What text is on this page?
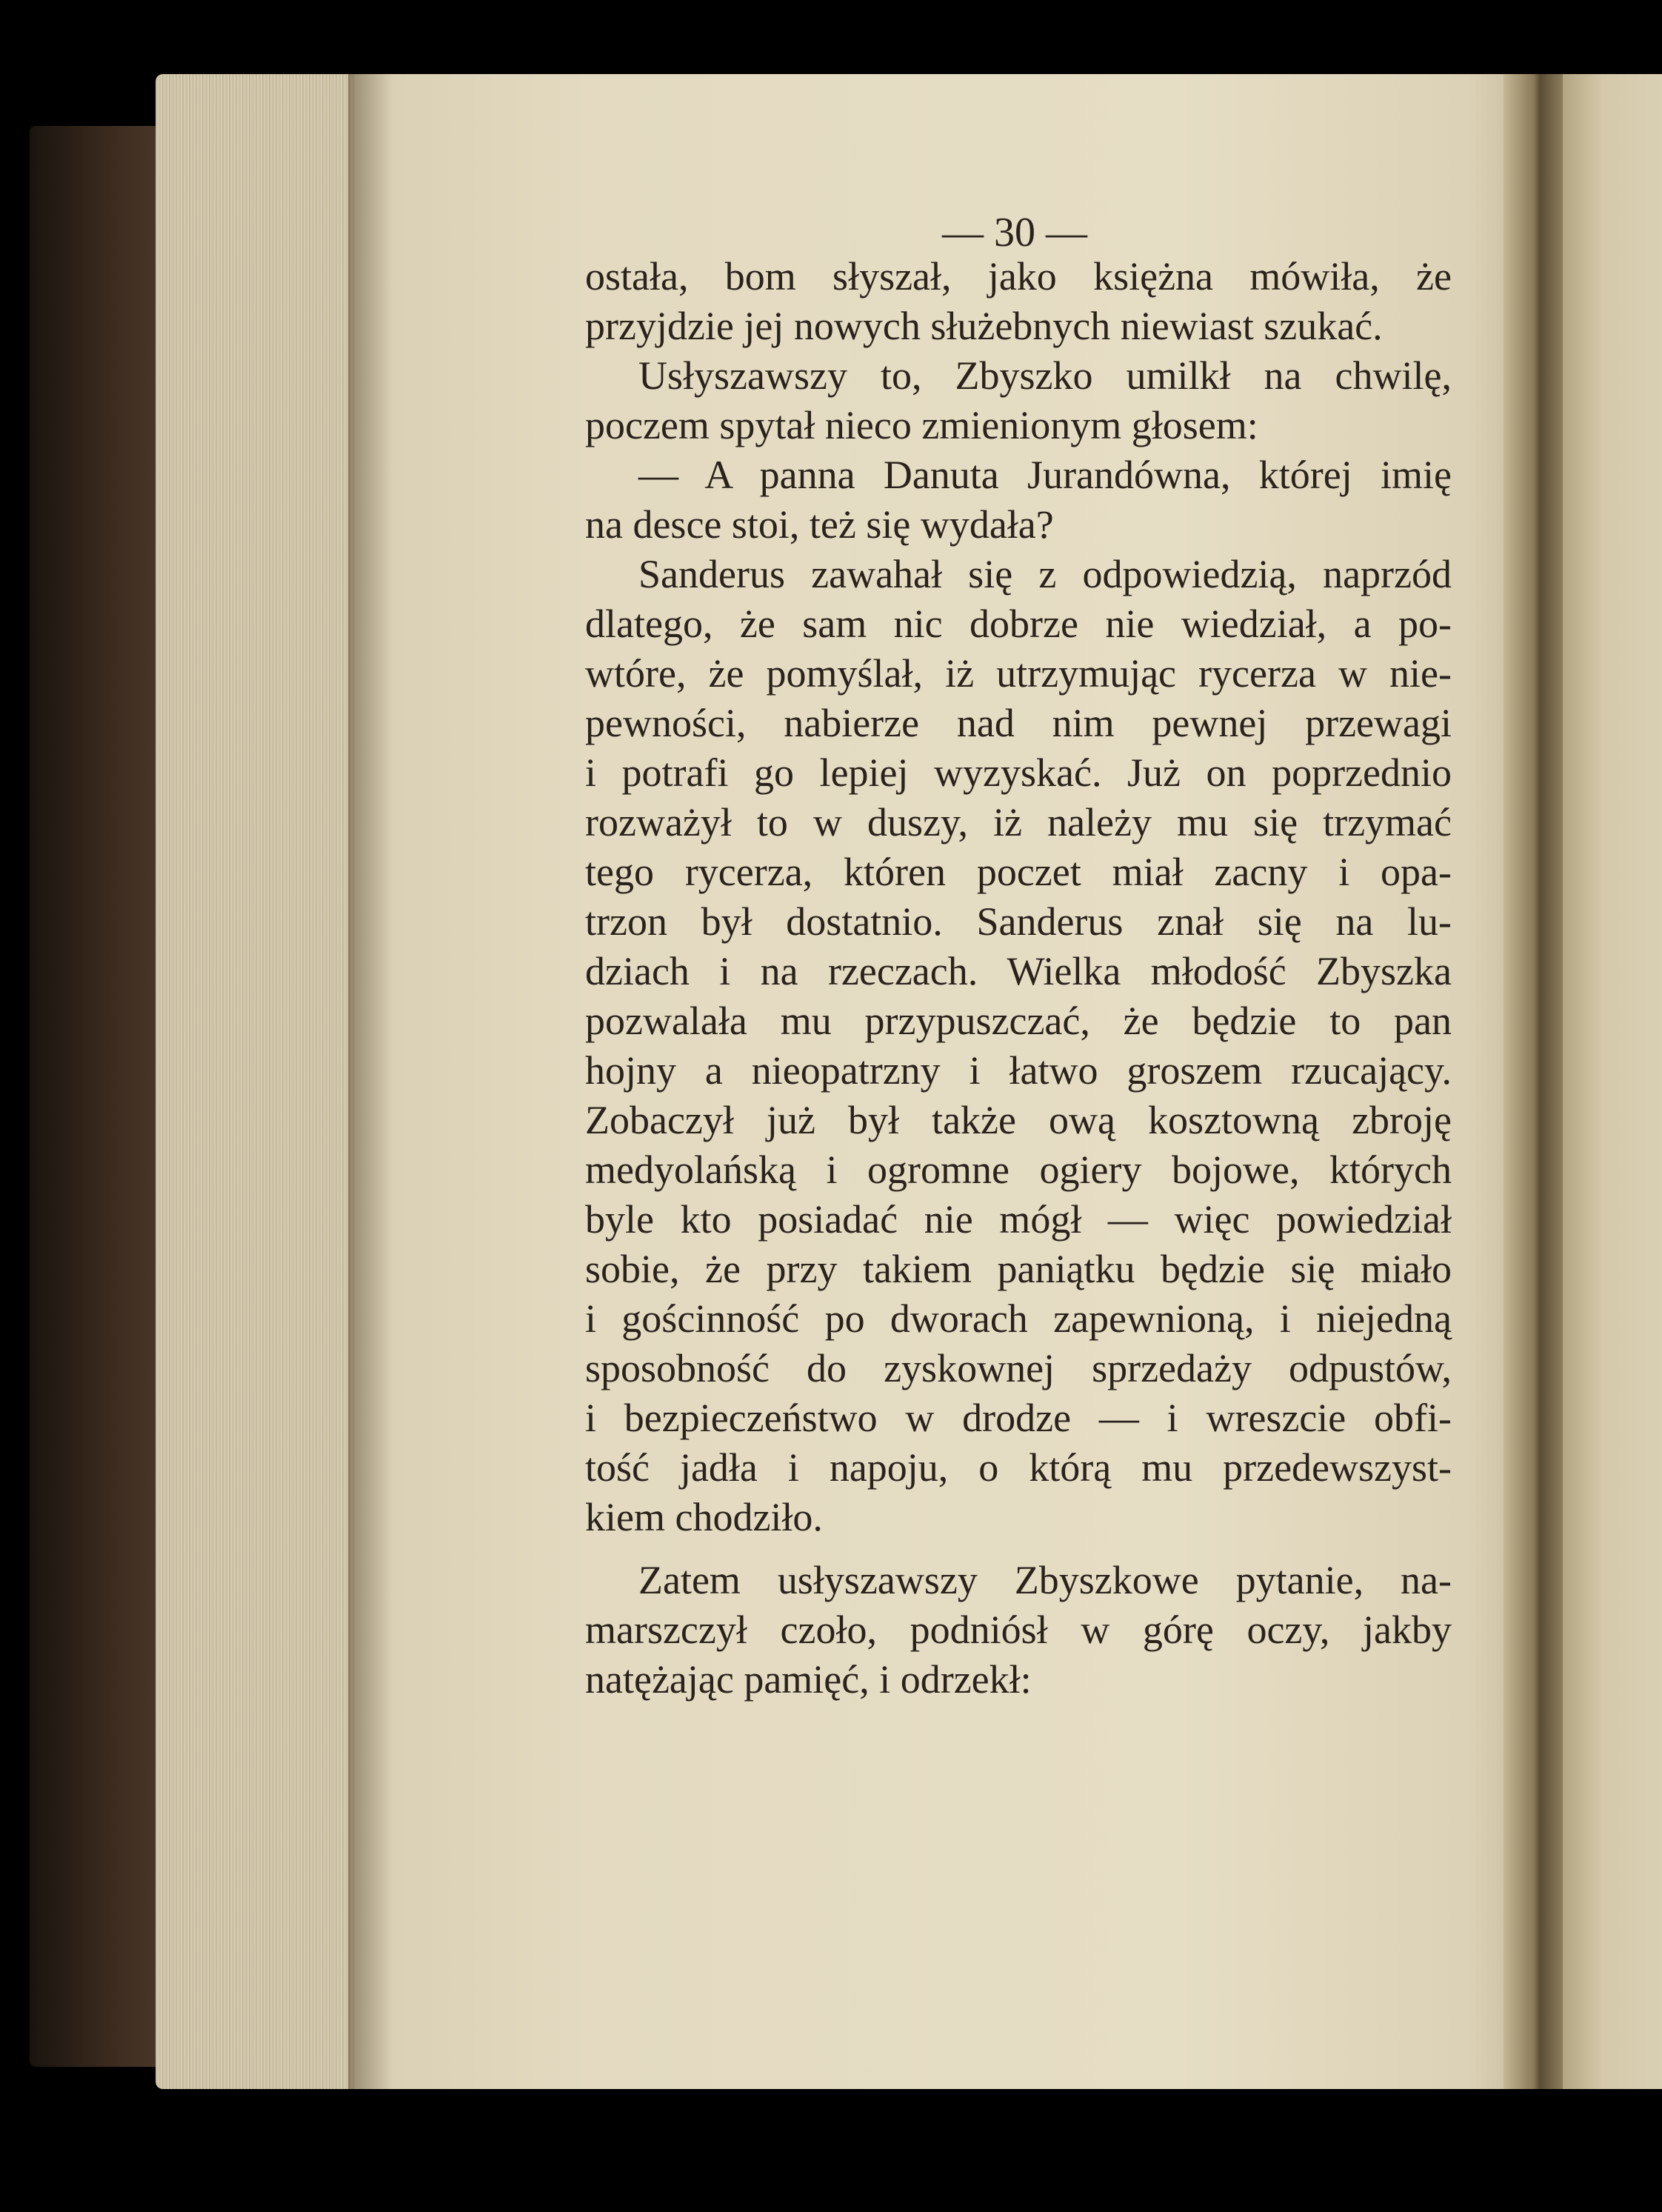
— 30 —
ostała, bom słyszał, jako księżna mówiła, że
przyjdzie jej nowych służebnych niewiast szukać.
Usłyszawszy to, Zbyszko umilkł na chwilę,
poczem spytał nieco zmienionym głosem:
— A panna Danuta Jurandówna, której imię
na desce stoi, też się wydała?
Sanderus zawahał się z odpowiedzią, naprzód
dlatego, że sam nic dobrze nie wiedział, a po-
wtóre, że pomyślał, iż utrzymując rycerza w nie-
pewności, nabierze nad nim pewnej przewagi
i potrafi go lepiej wyzyskać. Już on poprzednio
rozważył to w duszy, iż należy mu się trzymać
tego rycerza, któren poczet miał zacny i opa-
trzon był dostatnio. Sanderus znał się na lu-
dziach i na rzeczach. Wielka młodość Zbyszka
pozwalała mu przypuszczać, że będzie to pan
hojny a nieopatrzny i łatwo groszem rzucający.
Zobaczył już był także ową kosztowną zbroję
medyolańską i ogromne ogiery bojowe, których
byle kto posiadać nie mógł — więc powiedział
sobie, że przy takiem paniątku będzie się miało
i gościnność po dworach zapewnioną, i niejedną
sposobność do zyskownej sprzedaży odpustów,
i bezpieczeństwo w drodze — i wreszcie obfi-
tość jadła i napoju, o którą mu przedewszyst-
kiem chodziło.
Zatem usłyszawszy Zbyszkowe pytanie, na-
marszczył czoło, podniósł w górę oczy, jakby
natężając pamięć, i odrzekł:
